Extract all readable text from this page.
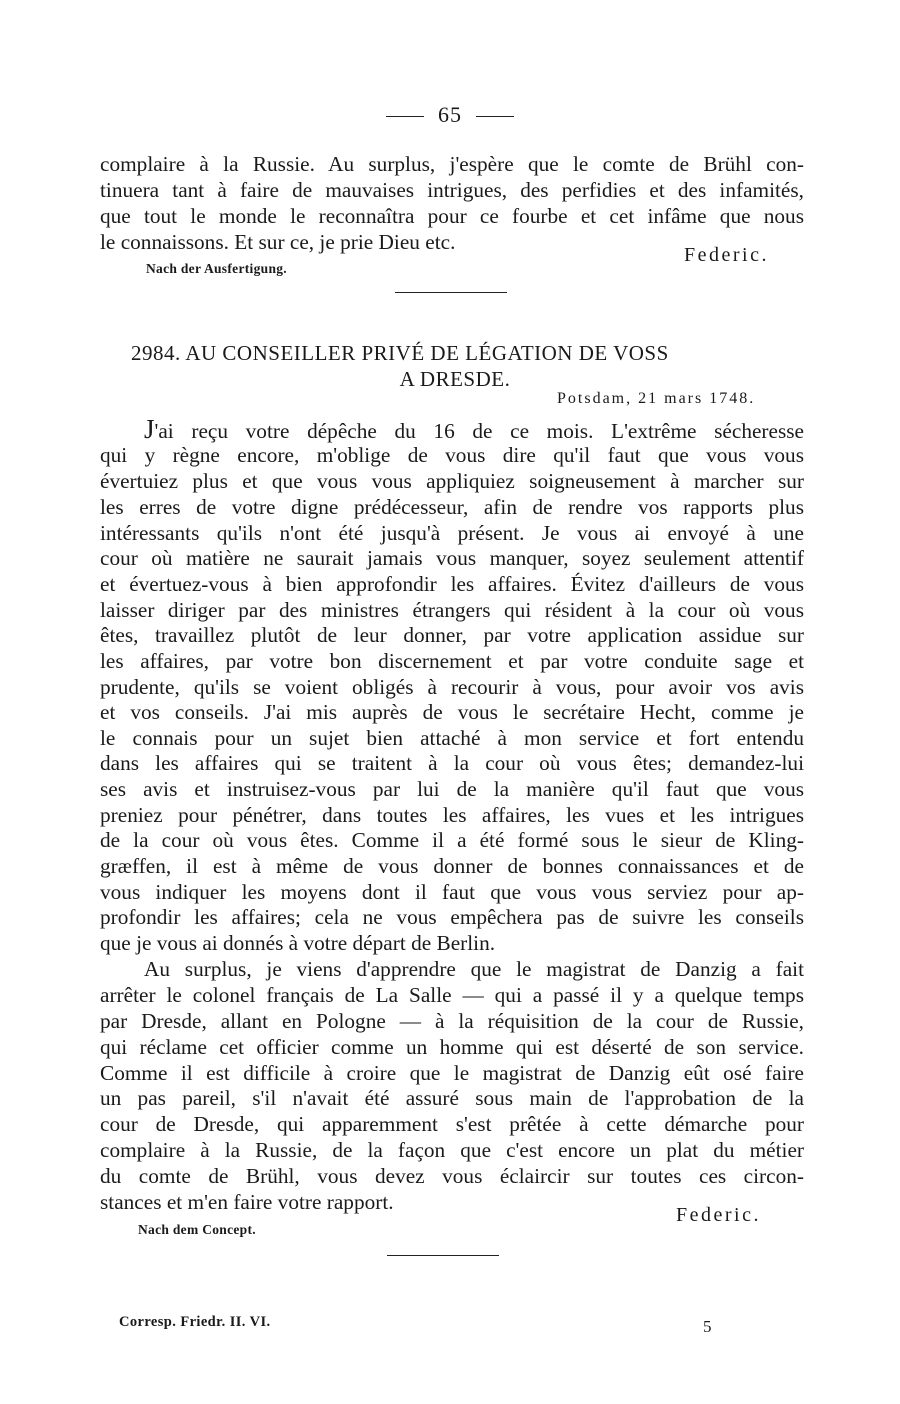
65
complaire à la Russie. Au surplus, j'espère que le comte de Brühl con-
tinuera tant à faire de mauvaises intrigues, des perfidies et des infamités,
que tout le monde le reconnaîtra pour ce fourbe et cet infâme que nous
le connaissons. Et sur ce, je prie Dieu etc.
Federic.
Nach der Ausfertigung.
2984. AU CONSEILLER PRIVÉ DE LÉGATION DE VOSS
A DRESDE.
Potsdam, 21 mars 1748.
J'ai reçu votre dépêche du 16 de ce mois. L'extrême sécheresse
qui y règne encore, m'oblige de vous dire qu'il faut que vous vous
évertuiez plus et que vous vous appliquiez soigneusement à marcher sur
les erres de votre digne prédécesseur, afin de rendre vos rapports plus
intéressants qu'ils n'ont été jusqu'à présent. Je vous ai envoyé à une
cour où matière ne saurait jamais vous manquer, soyez seulement attentif
et évertuez-vous à bien approfondir les affaires. Évitez d'ailleurs de vous
laisser diriger par des ministres étrangers qui résident à la cour où vous
êtes, travaillez plutôt de leur donner, par votre application assidue sur
les affaires, par votre bon discernement et par votre conduite sage et
prudente, qu'ils se voient obligés à recourir à vous, pour avoir vos avis
et vos conseils. J'ai mis auprès de vous le secrétaire Hecht, comme je
le connais pour un sujet bien attaché à mon service et fort entendu
dans les affaires qui se traitent à la cour où vous êtes; demandez-lui
ses avis et instruisez-vous par lui de la manière qu'il faut que vous
preniez pour pénétrer, dans toutes les affaires, les vues et les intrigues
de la cour où vous êtes. Comme il a été formé sous le sieur de Kling-
græffen, il est à même de vous donner de bonnes connaissances et de
vous indiquer les moyens dont il faut que vous vous serviez pour ap-
profondir les affaires; cela ne vous empêchera pas de suivre les conseils
que je vous ai donnés à votre départ de Berlin.
Au surplus, je viens d'apprendre que le magistrat de Danzig a fait
arrêter le colonel français de La Salle — qui a passé il y a quelque temps
par Dresde, allant en Pologne — à la réquisition de la cour de Russie,
qui réclame cet officier comme un homme qui est déserté de son service.
Comme il est difficile à croire que le magistrat de Danzig eût osé faire
un pas pareil, s'il n'avait été assuré sous main de l'approbation de la
cour de Dresde, qui apparemment s'est prêtée à cette démarche pour
complaire à la Russie, de la façon que c'est encore un plat du métier
du comte de Brühl, vous devez vous éclaircir sur toutes ces circon-
stances et m'en faire votre rapport.
Federic.
Nach dem Concept.
Corresp. Friedr. II. VI.	5
